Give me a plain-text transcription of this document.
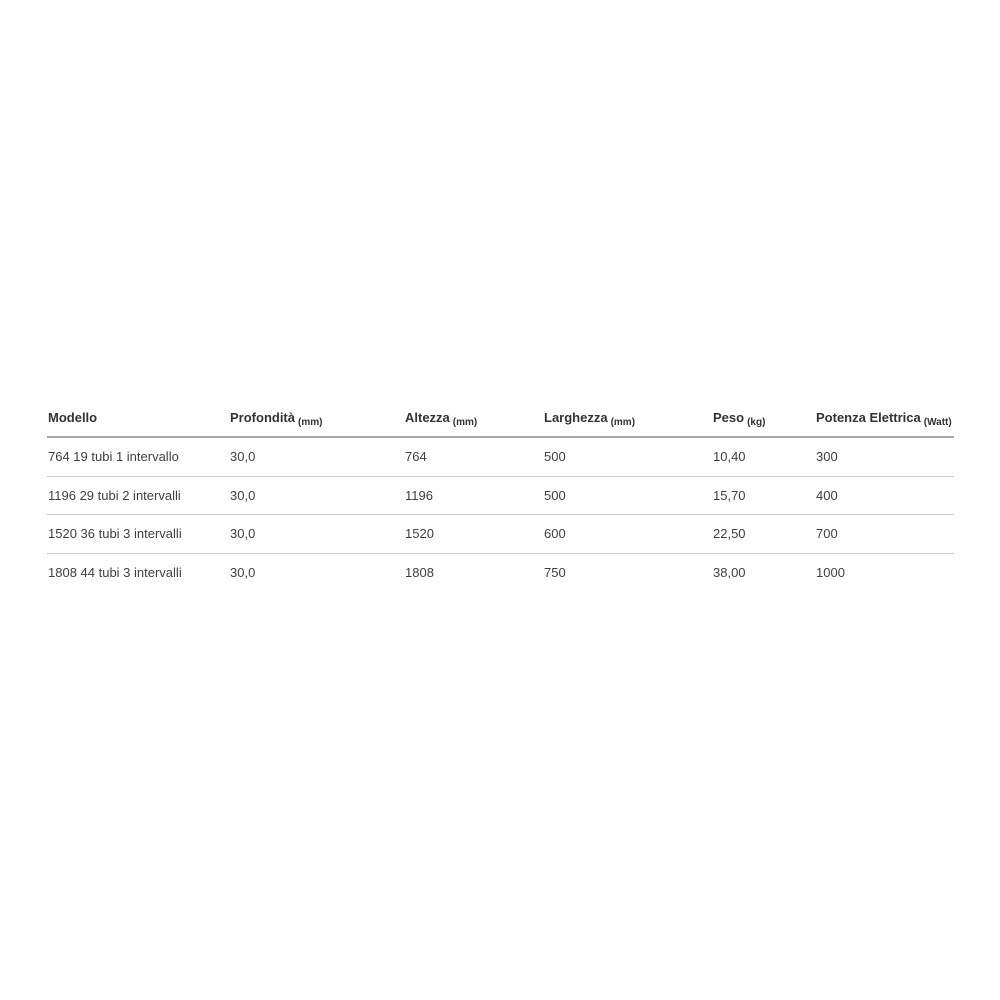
Modello	Profondità $_{(mm)}$	Altezza $_{(mm)}$	Larghezza $_{(mm)}$	Peso $_{(kg)}$	Potenza Elettrica $_{(Watt)}$
764 19 tubi 1 intervallo	30,0	764	500	10,40	300
1196 29 tubi 2 intervalli	30,0	1196	500	15,70	400
1520 36 tubi 3 intervalli	30,0	1520	600	22,50	700
1808 44 tubi 3 intervalli	30,0	1808	750	38,00	1000
